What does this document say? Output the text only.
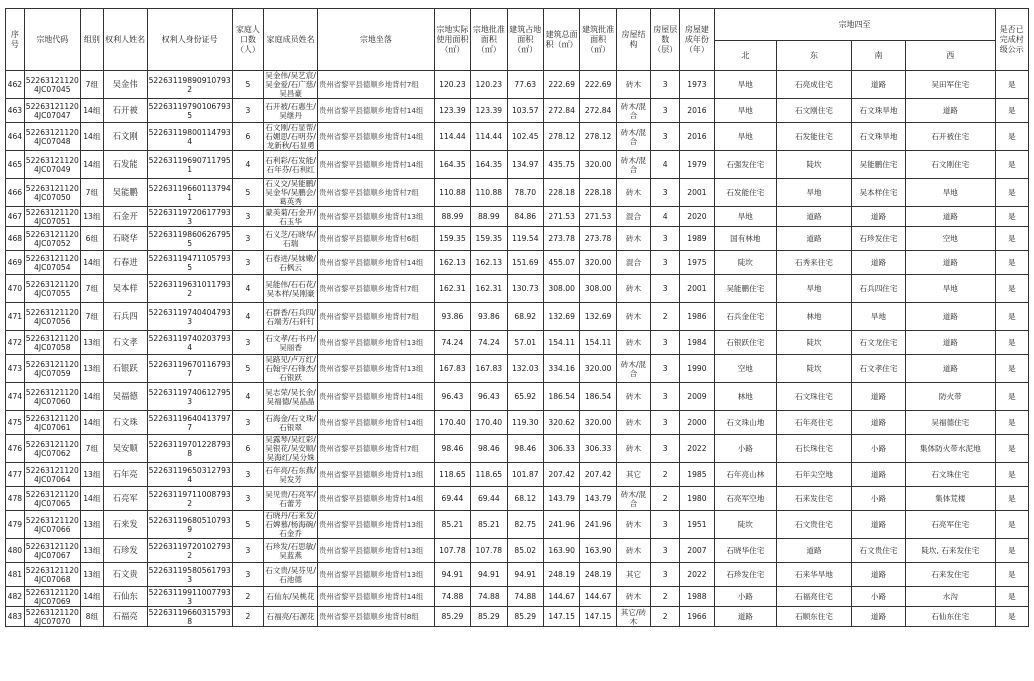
序号	宗地代码	组别	权利人姓名	权利人身份证号	家庭人口数（人）	家庭成员姓名	宗地坐落	宗地实际使用面积（㎡）	宗地批准面积（㎡）	建筑占地面积（㎡）	建筑总面积（㎡）	建筑批准面积（㎡）	房屋结构	房屋层数（层）	房屋建成年份（年）	宗地四至				是否已完成村级公示
																北	东	南	西	
462	522631211204JC07045	7组	吴金伟	522631198909107932	5	吴金伟/吴艺宸/吴金爱/石广慈/吴昌豪	贵州省黎平县德顺乡地背村7组	120.23	120.23	77.63	222.69	222.69	砖木	3	1973	旱地	石亮成住宅	道路	吴田军住宅	是
463	522631211204JC07047	14组	石开被	522631197901067935	3	石开被/石惠生/吴继丹	贵州省黎平县德顺乡地背村14组	123.39	123.39	103.57	272.84	272.84	砖木/混合	3	2016	旱地	石文刚住宅	石文珠旱地	道路	是
464	522631211204JC07048	14组	石文刚	522631198001147934	6	石文刚/石显帮/石媚思/石明芬/龙新秋/石显勇	贵州省黎平县德顺乡地背村14组	114.44	114.44	102.45	278.12	278.12	砖木/混合	3	2016	旱地	石发能住宅	石文珠旱地	石开被住宅	是
465	522631211204JC07049	14组	石发能	522631196907117951	4	石利彩/石发能/石年芬/石利红	贵州省黎平县德顺乡地背村14组	164.35	164.35	134.97	435.75	320.00	砖木/混合	4	1979	石强发住宅	陡坎	吴能鹏住宅	石文刚住宅	是
466	522631211204JC07050	7组	吴能鹏	522631196601137941	5	石义交/吴能鹏/吴金华/吴鹏会/葛英秀	贵州省黎平县德顺乡地背村7组	110.88	110.88	78.70	228.18	228.18	砖木	3	2001	石发能住宅	旱地	吴本样住宅	旱地	是
467	522631211204JC07051	13组	石金开	522631197206177933	3	蒙美菊/石金开/石玉华	贵州省黎平县德顺乡地背村13组	88.99	88.99	84.86	271.53	271.53	混合	4	2020	旱地	道路	道路	道路	是
468	522631211204JC07052	6组	石晓华	522631198606267955	3	石义芝/石晓华/石瑞	贵州省黎平县德顺乡地背村6组	159.35	159.35	119.54	273.78	273.78	砖木	3	1989	国有林地	道路	石珍发住宅	空地	是
469	522631211204JC07054	14组	石春进	522631194711057935	3	石春进/吴妹嫩/石枫云	贵州省黎平县德顺乡地背村14组	162.13	162.13	151.69	455.07	320.00	混合	3	1975	陡坎	石秀来住宅	道路	道路	是
470	522631211204JC07055	7组	吴本样	522631196310117932	4	吴能伟/石石花/吴本样/吴刚豪	贵州省黎平县德顺乡地背村7组	162.31	162.31	130.73	308.00	308.00	砖木	3	2001	吴能鹏住宅	旱地	石兵四住宅	旱地	是
471	522631211204JC07056	7组	石兵四	522631197404047933	4	石群香/石兵四/石端芳/石轩钉	贵州省黎平县德顺乡地背村7组	93.86	93.86	68.92	132.69	132.69	砖木	2	1986	石兵金住宅	林地	旱地	道路	是
472	522631211204JC07058	13组	石文孝	522631197402037934	3	石文孝/石书丹/吴丽香	贵州省黎平县德顺乡地背村13组	74.24	74.24	57.01	154.11	154.11	砖木	3	1984	石银跃住宅	陡坎	石文龙住宅	道路	是
473	522631211204JC07059	13组	石银跃	522631196701167937	5	吴路见/卢万红/石翰宇/石锋杰/石银跃	贵州省黎平县德顺乡地背村13组	167.83	167.83	132.03	334.16	320.00	砖木/混合	3	1990	空地	陡坎	石文孝住宅	道路	是
474	522631211204JC07060	14组	吴福德	522631197406127953	4	吴志荣/吴长余/吴福德/吴晶晶	贵州省黎平县德顺乡地背村14组	96.43	96.43	65.92	186.54	186.54	砖木	3	2009	林地	石文珠住宅	道路	防火带	是
475	522631211204JC07061	14组	石文珠	522631196404137977	3	石海金/石文珠/石银翠	贵州省黎平县德顺乡地背村14组	170.40	170.40	119.30	320.62	320.00	砖木	3	2000	石文珠山地	石年亮住宅	道路	吴福德住宅	是
476	522631211204JC07062	7组	吴安顺	522631197012287938	6	吴露琴/吴红彩/吴银花/吴安顺/吴海红/吴分姝	贵州省黎平县德顺乡地背村7组	98.46	98.46	98.46	306.33	306.33	砖木	3	2022	小路	石长珠住宅	小路	集体防火带水泥地	是
477	522631211204JC07064	13组	石年亮	522631196503127934	3	石年亮/石东燕/吴发芳	贵州省黎平县德顺乡地背村13组	118.65	118.65	101.87	207.42	207.42	其它	2	1985	石年亮山林	石年尖空地	道路	石文珠住宅	是
478	522631211204JC07065	14组	石亮军	522631197110087932	3	吴见贵/石亮军/石蕾芳	贵州省黎平县德顺乡地背村14组	69.44	69.44	68.12	143.79	143.79	砖木/混合	2	1980	石亮军空地	石来发住宅	小路	集体荒楼	是
479	522631211204JC07066	13组	石来发	522631196805107939	5	石晓丹/石来发/石婢慕/杨海碗/石金乔	贵州省黎平县德顺乡地背村13组	85.21	85.21	82.75	241.96	241.96	砖木	3	1951	陡坎	石文贵住宅	道路	石亮军住宅	是
480	522631211204JC07067	13组	石珍发	522631197201027932	3	石珍发/石思敏/吴蓝燕	贵州省黎平县德顺乡地背村13组	107.78	107.78	85.02	163.90	163.90	砖木	3	2007	石晓华住宅	道路	石文贵住宅	陡坎, 石来发住宅	是
481	522631211204JC07068	13组	石文贵	522631195805617933	3	石文贵/吴芬见/石池德	贵州省黎平县德顺乡地背村13组	94.91	94.91	94.91	248.19	248.19	其它	3	2022	石珍发住宅	石来华旱地	道路	石来发住宅	是
482	522631211204JC07069	14组	石仙东	522631199110077933	2	石仙东/吴桃花	贵州省黎平县德顺乡地背村14组	74.88	74.88	74.88	144.67	144.67	砖木	2	1988	小路	石福亮住宅	小路	水沟	是
483	522631211204JC07070	8组	石福亮	522631196603157938	2	石福亮/石源花	贵州省黎平县德顺乡地背村8组	85.29	85.29	85.29	147.15	147.15	其它/砖木	2	1966	道路	石顺东住宅	道路	石仙东住宅	是
